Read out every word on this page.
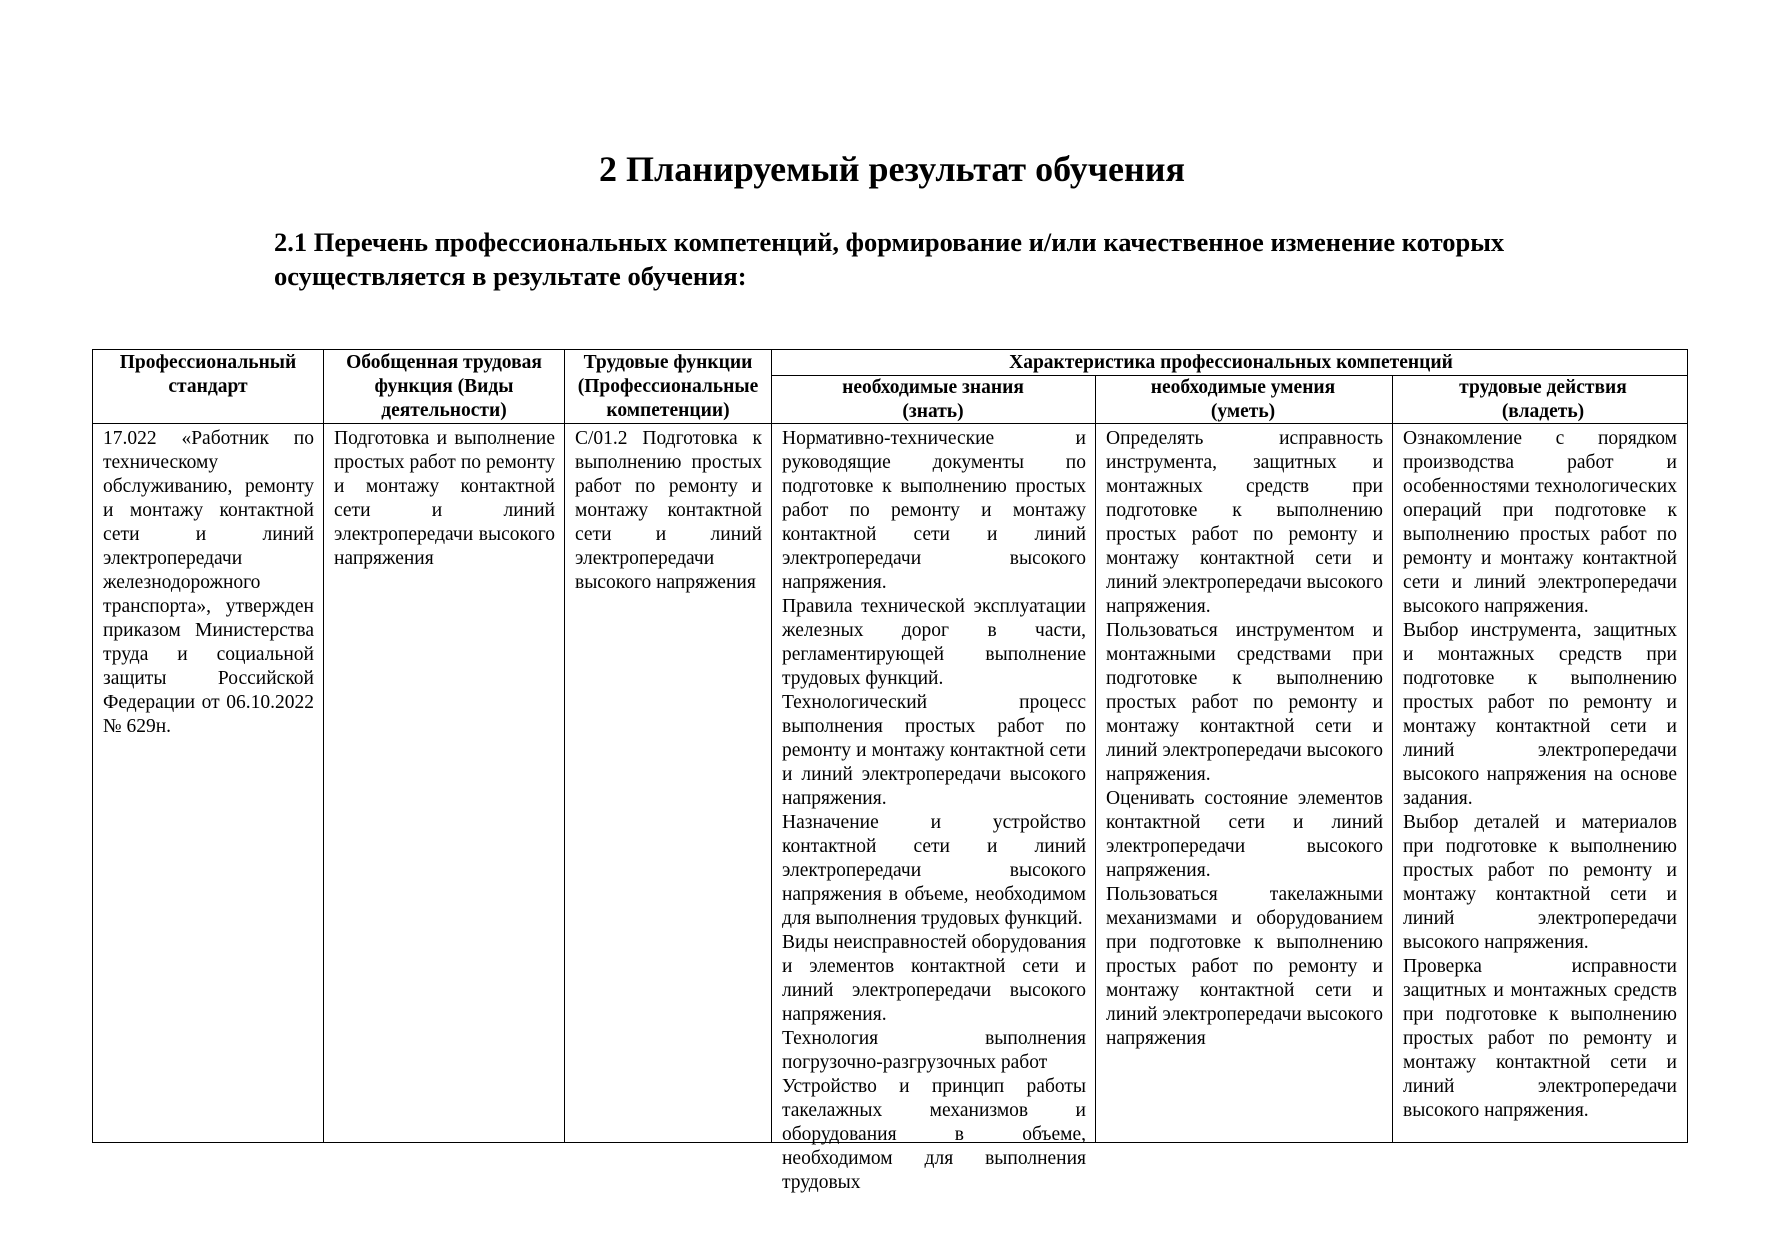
2 Планируемый результат обучения
2.1 Перечень профессиональных компетенций, формирование и/или качественное изменение которых осуществляется в результате обучения:
Профессиональный стандарт
Обобщенная трудовая функция (Виды деятельности)
Трудовые функции (Профессиональные компетенции)
Характеристика профессиональных компетенций
необходимые знания (знать)
необходимые умения (уметь)
трудовые действия (владеть)

17.022 «Работник по техническому обслуживанию, ремонту и монтажу контактной сети и линий электропередачи железнодорожного транспорта», утвержден приказом Министерства труда и социальной защиты Российской Федерации от 06.10.2022 № 629н.

Подготовка и выполнение простых работ по ремонту и монтажу контактной сети и линий электропередачи высокого напряжения

С/01.2 Подготовка к выполнению простых работ по ремонту и монтажу контактной сети и линий электропередачи высокого напряжения

Нормативно-технические и руководящие документы по подготовке к выполнению простых работ по ремонту и монтажу контактной сети и линий электропередачи высокого напряжения.

Правила технической эксплуатации железных дорог в части, регламентирующей выполнение трудовых функций.

Технологический процесс выполнения простых работ по ремонту и монтажу контактной сети и линий электропередачи высокого напряжения.

Назначение и устройство контактной сети и линий электропередачи высокого напряжения в объеме, необходимом для выполнения трудовых функций.

Виды неисправностей оборудования и элементов контактной сети и линий электропередачи высокого напряжения.

Технология выполнения погрузочно-разгрузочных работ

Устройство и принцип работы такелажных механизмов и оборудования в объеме, необходимом для выполнения трудовых

Определять исправность инструмента, защитных и монтажных средств при подготовке к выполнению простых работ по ремонту и монтажу контактной сети и линий электропередачи высокого напряжения.

Пользоваться инструментом и монтажными средствами при подготовке к выполнению простых работ по ремонту и монтажу контактной сети и линий электропередачи высокого напряжения.

Оценивать состояние элементов контактной сети и линий электропередачи высокого напряжения.

Пользоваться такелажными механизмами и оборудованием при подготовке к выполнению простых работ по ремонту и монтажу контактной сети и линий электропередачи высокого напряжения

Ознакомление с порядком производства работ и особенностями технологических операций при подготовке к выполнению простых работ по ремонту и монтажу контактной сети и линий электропередачи высокого напряжения.

Выбор инструмента, защитных и монтажных средств при подготовке к выполнению простых работ по ремонту и монтажу контактной сети и линий электропередачи высокого напряжения на основе задания.

Выбор деталей и материалов при подготовке к выполнению простых работ по ремонту и монтажу контактной сети и линий электропередачи высокого напряжения.

Проверка исправности защитных и монтажных средств при подготовке к выполнению простых работ по ремонту и монтажу контактной сети и линий электропередачи высокого напряжения.
